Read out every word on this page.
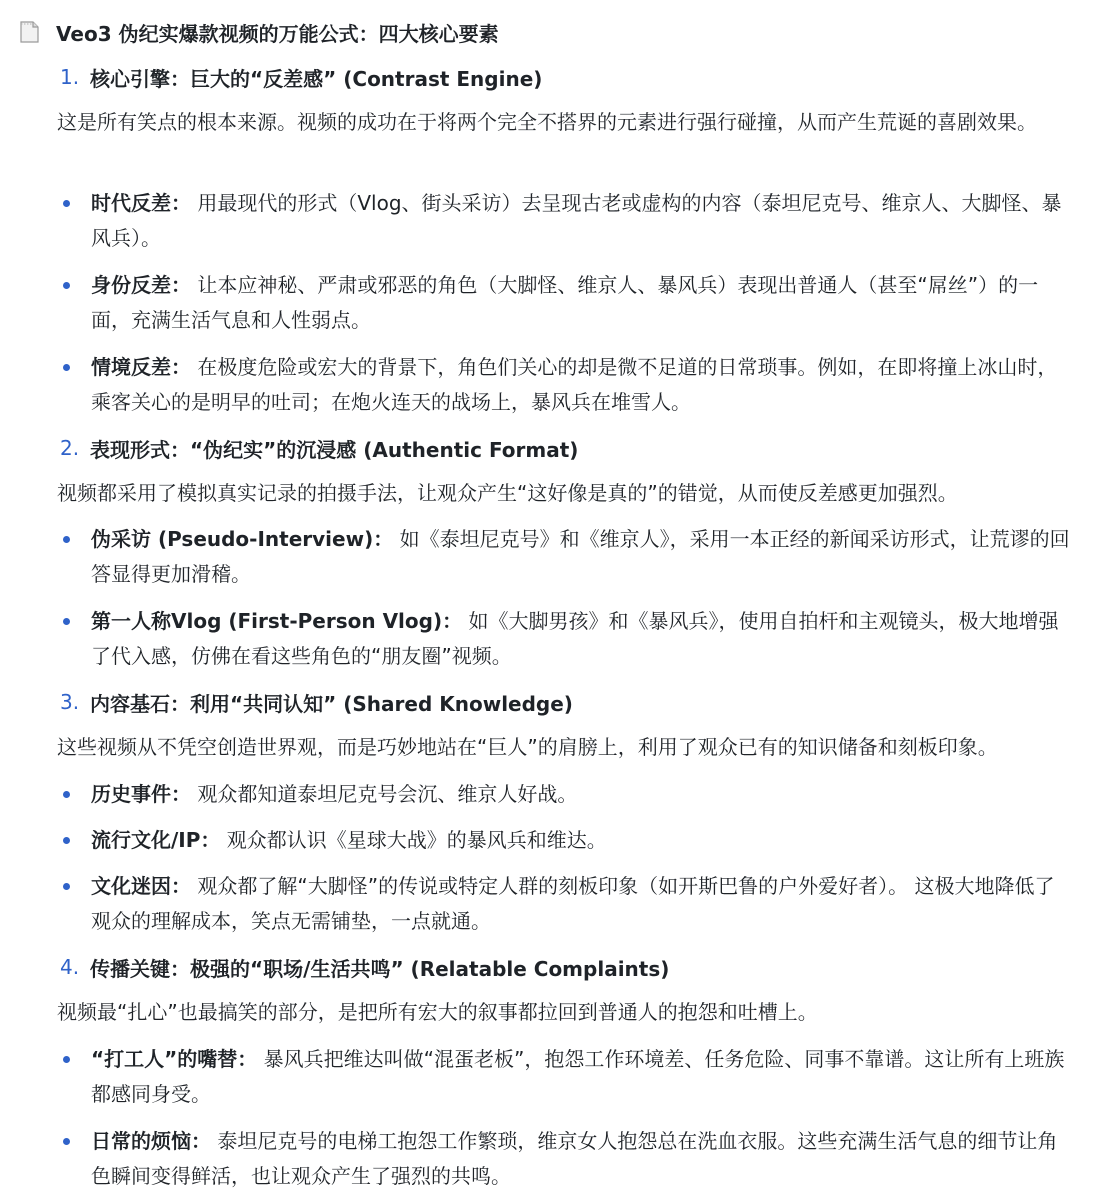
Veo3 伪纪实爆款视频的万能公式：四大核心要素
1. 核心引擎：巨大的“反差感” (Contrast Engine)
这是所有笑点的根本来源。视频的成功在于将两个完全不搭界的元素进行强行碰撞，从而产生荒诞的喜剧效果。
时代反差： 用最现代的形式（Vlog、街头采访）去呈现古老或虚构的内容（泰坦尼克号、维京人、大脚怪、暴风兵）。
身份反差： 让本应神秘、严肃或邪恶的角色（大脚怪、维京人、暴风兵）表现出普通人（甚至“屌丝”）的一面，充满生活气息和人性弱点。
情境反差： 在极度危险或宏大的背景下，角色们关心的却是微不足道的日常琐事。例如，在即将撞上冰山时，乘客关心的是明早的吐司；在炮火连天的战场上，暴风兵在堆雪人。
2. 表现形式：“伪纪实”的沉浸感 (Authentic Format)
视频都采用了模拟真实记录的拍摄手法，让观众产生“这好像是真的”的错觉，从而使反差感更加强烈。
伪采访 (Pseudo-Interview)： 如《泰坦尼克号》和《维京人》，采用一本正经的新闻采访形式，让荒谬的回答显得更加滑稽。
第一人称Vlog (First-Person Vlog)： 如《大脚男孩》和《暴风兵》，使用自拍杆和主观镜头，极大地增强了代入感，仿佛在看这些角色的“朋友圈”视频。
3. 内容基石：利用“共同认知” (Shared Knowledge)
这些视频从不凭空创造世界观，而是巧妙地站在“巨人”的肩膀上，利用了观众已有的知识储备和刻板印象。
历史事件： 观众都知道泰坦尼克号会沉、维京人好战。
流行文化/IP： 观众都认识《星球大战》的暴风兵和维达。
文化迷因： 观众都了解“大脚怪”的传说或特定人群的刻板印象（如开斯巴鲁的户外爱好者）。 这极大地降低了观众的理解成本，笑点无需铺垫，一点就通。
4. 传播关键：极强的“职场/生活共鸣” (Relatable Complaints)
视频最“扎心”也最搞笑的部分，是把所有宏大的叙事都拉回到普通人的抱怨和吐槽上。
“打工人”的嘴替： 暴风兵把维达叫做“混蛋老板”，抱怨工作环境差、任务危险、同事不靠谱。这让所有上班族都感同身受。
日常的烦恼： 泰坦尼克号的电梯工抱怨工作繁琐，维京女人抱怨总在洗血衣服。这些充满生活气息的细节让角色瞬间变得鲜活，也让观众产生了强烈的共鸣。
